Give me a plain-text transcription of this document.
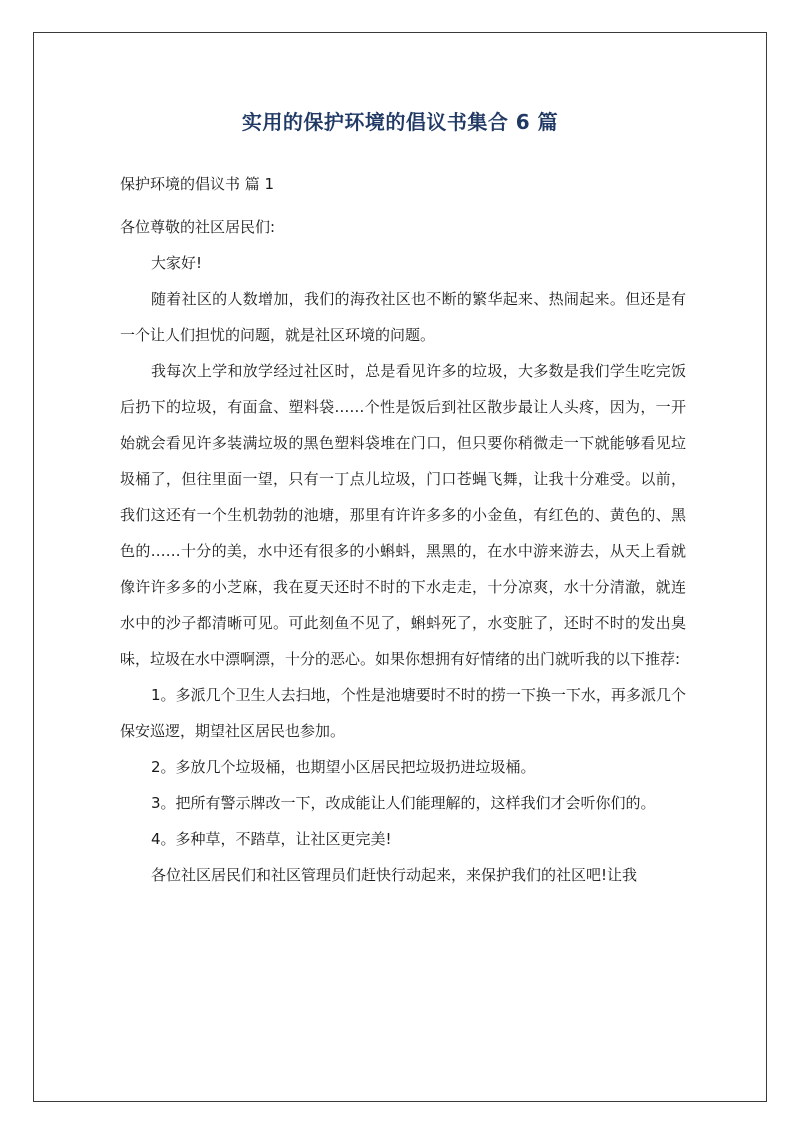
实用的保护环境的倡议书集合 6 篇

保护环境的倡议书 篇 1

各位尊敬的社区居民们:

大家好!

随着社区的人数增加，我们的海孜社区也不断的繁华起来、热闹起来。但还是有一个让人们担忧的问题，就是社区环境的问题。

我每次上学和放学经过社区时，总是看见许多的垃圾，大多数是我们学生吃完饭后扔下的垃圾，有面盒、塑料袋……个性是饭后到社区散步最让人头疼，因为，一开始就会看见许多装满垃圾的黑色塑料袋堆在门口，但只要你稍微走一下就能够看见垃圾桶了，但往里面一望，只有一丁点儿垃圾，门口苍蝇飞舞，让我十分难受。以前，我们这还有一个生机勃勃的池塘，那里有许许多多的小金鱼，有红色的、黄色的、黑色的……十分的美，水中还有很多的小蝌蚪，黑黑的，在水中游来游去，从天上看就像许许多多的小芝麻，我在夏天还时不时的下水走走，十分凉爽，水十分清澈，就连水中的沙子都清晰可见。可此刻鱼不见了，蝌蚪死了，水变脏了，还时不时的发出臭味，垃圾在水中漂啊漂，十分的恶心。如果你想拥有好情绪的出门就听我的以下推荐:

1。多派几个卫生人去扫地，个性是池塘要时不时的捞一下换一下水，再多派几个保安巡逻，期望社区居民也参加。

2。多放几个垃圾桶，也期望小区居民把垃圾扔进垃圾桶。

3。把所有警示牌改一下，改成能让人们能理解的，这样我们才会听你们的。

4。多种草，不踏草，让社区更完美!

各位社区居民们和社区管理员们赶快行动起来，来保护我们的社区吧!让我
